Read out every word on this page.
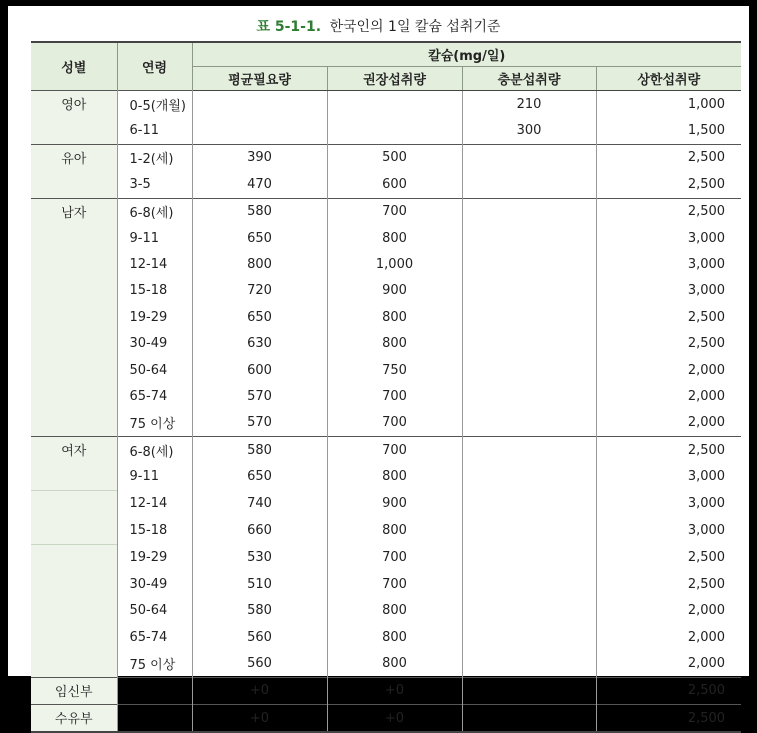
표 5-1-1. 한국인의 1일 칼슘 섭취기준
성별	연령	칼슘(mg/일)			
		평균필요량	권장섭취량	충분섭취량	상한섭취량
영아	0-5(개월)			210	1,000
	6-11			300	1,500
유아	1-2(세)	390	500		2,500
	3-5	470	600		2,500
남자	6-8(세)	580	700		2,500
	9-11	650	800		3,000
	12-14	800	1,000		3,000
	15-18	720	900		3,000
	19-29	650	800		2,500
	30-49	630	800		2,500
	50-64	600	750		2,000
	65-74	570	700		2,000
	75 이상	570	700		2,000
여자	6-8(세)	580	700		2,500
	9-11	650	800		3,000
	12-14	740	900		3,000
	15-18	660	800		3,000
	19-29	530	700		2,500
	30-49	510	700		2,500
	50-64	580	800		2,000
	65-74	560	800		2,000
	75 이상	560	800		2,000
임신부		+0	+0		2,500
수유부		+0	+0		2,500
